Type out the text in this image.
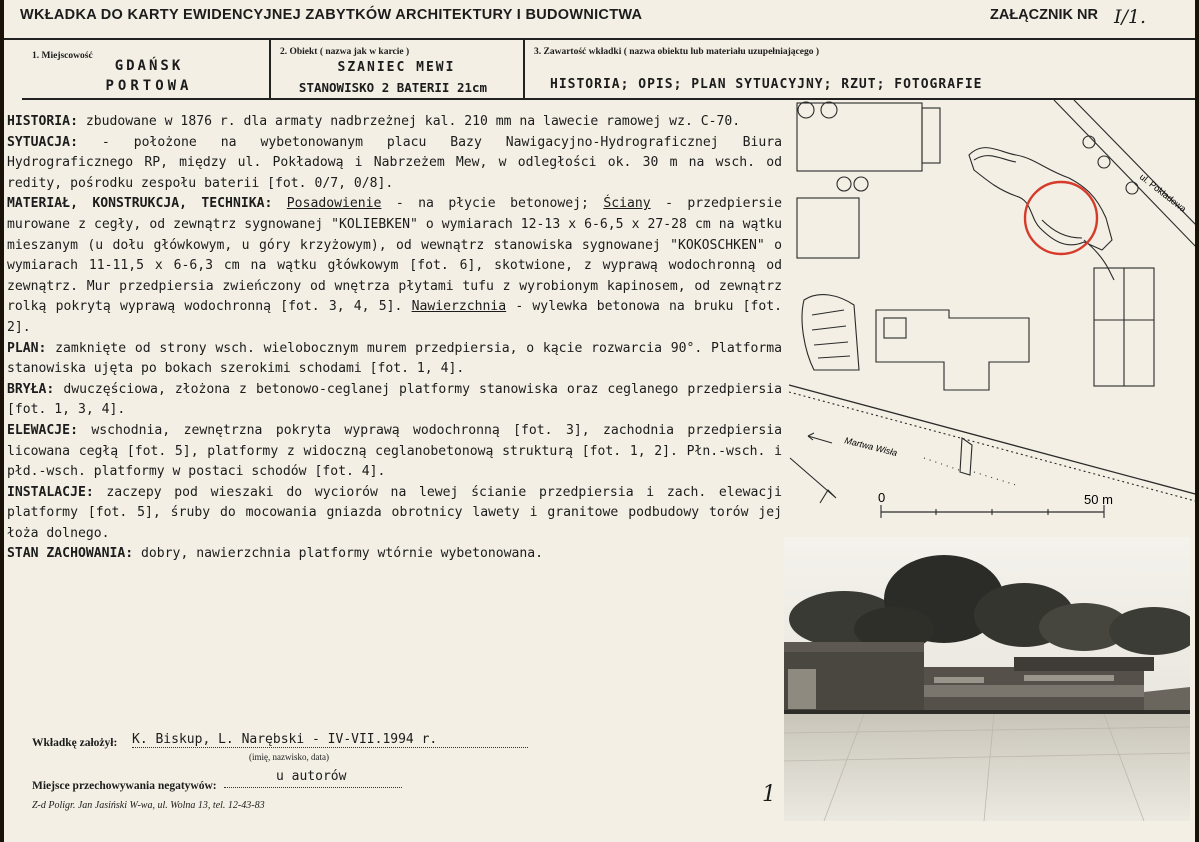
WKŁADKA DO KARTY EWIDENCYJNEJ ZABYTKÓW ARCHITEKTURY I BUDOWNICTWA	ZAŁĄCZNIK NR I/1.
1. Miejscowość
GDAŃSK
PORTOWA
2. Obiekt ( nazwa jak w karcie )
SZANIEC MEWI
STANOWISKO 2 BATERII 21cm
3. Zawartość wkładki ( nazwa obiektu lub materiału uzupełniającego )
HISTORIA; OPIS; PLAN SYTUACYJNY; RZUT; FOTOGRAFIE

HISTORIA: zbudowane w 1876 r. dla armaty nadbrzeżnej kal. 210 mm na lawecie ramowej wz. C-70.

SYTUACJA: - położone na wybetonowanym placu Bazy Nawigacyjno-Hydrograficznej Biura Hydrograficznego RP, między ul. Pokładową i Nabrzeżem Mew, w odległości ok. 30 m na wsch. od redity, pośrodku zespołu baterii [fot. 0/7, 0/8].

MATERIAŁ, KONSTRUKCJA, TECHNIKA: Posadowienie - na płycie betonowej; Ściany - przedpiersie murowane z cegły, od zewnątrz sygnowanej "KOLIEBKEN" o wymiarach 12-13 x 6-6,5 x 27-28 cm na wątku mieszanym (u dołu główkowym, u góry krzyżowym), od wewnątrz stanowiska sygnowanej "KOKOSCHKEN" o wymiarach 11-11,5 x 6-6,3 cm na wątku główkowym [fot. 6], skotwione, z wyprawą wodochronną od zewnątrz. Mur przedpiersia zwieńczony od wnętrza płytami tufu z wyrobionym kapinosem, od zewnątrz rolką pokrytą wyprawą wodochronną [fot. 3, 4, 5]. Nawierzchnia - wylewka betonowa na bruku [fot. 2].

PLAN: zamknięte od strony wsch. wielobocznym murem przedpiersia, o kącie rozwarcia 90°. Platforma stanowiska ujęta po bokach szerokimi schodami [fot. 1, 4].

BRYŁA: dwuczęściowa, złożona z betonowo-ceglanej platformy stanowiska oraz ceglanego przedpiersia [fot. 1, 3, 4].

ELEWACJE: wschodnia, zewnętrzna pokryta wyprawą wodochronną [fot. 3], zachodnia przedpiersia licowana cegłą [fot. 5], platformy z widoczną ceglanobetonową strukturą [fot. 1, 2]. Płn.-wsch. i płd.-wsch. platformy w postaci schodów [fot. 4].

INSTALACJE: zaczepy pod wieszaki do wyciorów na lewej ścianie przedpiersia i zach. elewacji platformy [fot. 5], śruby do mocowania gniazda obrotnicy lawety i granitowe podbudowy torów jej łoża dolnego.

STAN ZACHOWANIA: dobry, nawierzchnia platformy wtórnie wybetonowana.

Wkładkę założył: K. Biskup, L. Narębski - IV-VII.1994 r.
(imię, nazwisko, data)
Miejsce przechowywania negatywów:
u autorów
Z-d Poligr. Jan Jasiński W-wa, ul. Wolna 13, tel. 12-43-83	1
ul. Pokładowa
Martwa Wisła
0	50 m
